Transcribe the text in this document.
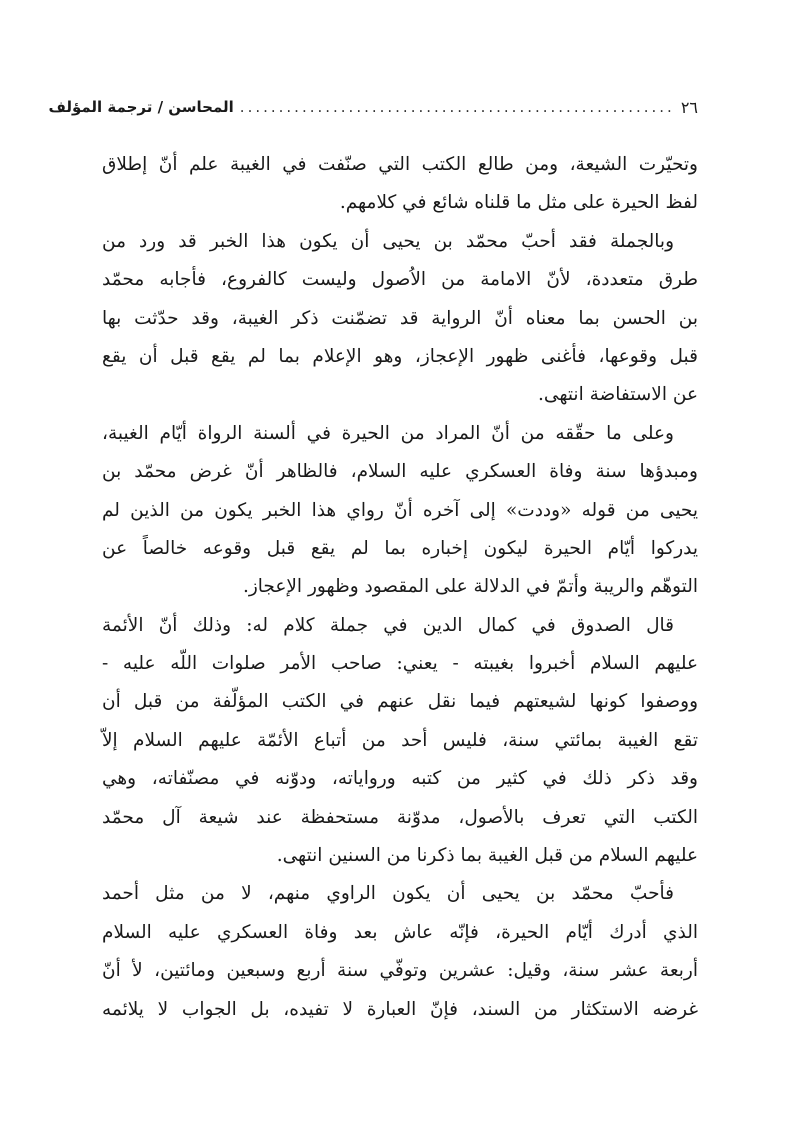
٢٦
........................................................
المحاسن / ترجمة المؤلف
وتحيّرت الشيعة، ومن طالع الكتب التي صنّفت في الغيبة علم أنّ إطلاق
لفظ الحيرة على مثل ما قلناه شائع في كلامهم.
وبالجملة فقد أحبّ محمّد بن يحيى أن يكون هذا الخبر قد ورد من
طرق متعددة، لأنّ الامامة من الاُصول وليست كالفروع، فأجابه محمّد
بن الحسن بما معناه أنّ الرواية قد تضمّنت ذكر الغيبة، وقد حدّثت بها
قبل وقوعها، فأغنى ظهور الإعجاز، وهو الإعلام بما لم يقع قبل أن يقع
عن الاستفاضة انتهى.
وعلى ما حقّقه من أنّ المراد من الحيرة في ألسنة الرواة أيّام الغيبة،
ومبدؤها سنة وفاة العسكري عليه السلام، فالظاهر أنّ غرض محمّد بن
يحيى من قوله «وددت» إلى آخره أنّ رواي هذا الخبر يكون من الذين لم
يدركوا أيّام الحيرة ليكون إخباره بما لم يقع قبل وقوعه خالصاً عن
التوهّم والريبة وأتمّ في الدلالة على المقصود وظهور الإعجاز.
قال الصدوق في كمال الدين في جملة كلام له: وذلك أنّ الأئمة
عليهم السلام أخبروا بغيبته - يعني: صاحب الأمر صلوات اللّه عليه -
ووصفوا كونها لشيعتهم فيما نقل عنهم في الكتب المؤلّفة من قبل أن
تقع الغيبة بمائتي سنة، فليس أحد من أتباع الأئمّة عليهم السلام إلاّ
وقد ذكر ذلك في كثير من كتبه ورواياته، ودوّنه في مصنّفاته، وهي
الكتب التي تعرف بالأصول، مدوّنة مستحفظة عند شيعة آل محمّد
عليهم السلام من قبل الغيبة بما ذكرنا من السنين انتهى.
فأحبّ محمّد بن يحيى أن يكون الراوي منهم، لا من مثل أحمد
الذي أدرك أيّام الحيرة، فإنّه عاش بعد وفاة العسكري عليه السلام
أربعة عشر سنة، وقيل: عشرين وتوفّي سنة أربع وسبعين ومائتين، لأ أنّ
غرضه الاستكثار من السند، فإنّ العبارة لا تفيده، بل الجواب لا يلائمه
